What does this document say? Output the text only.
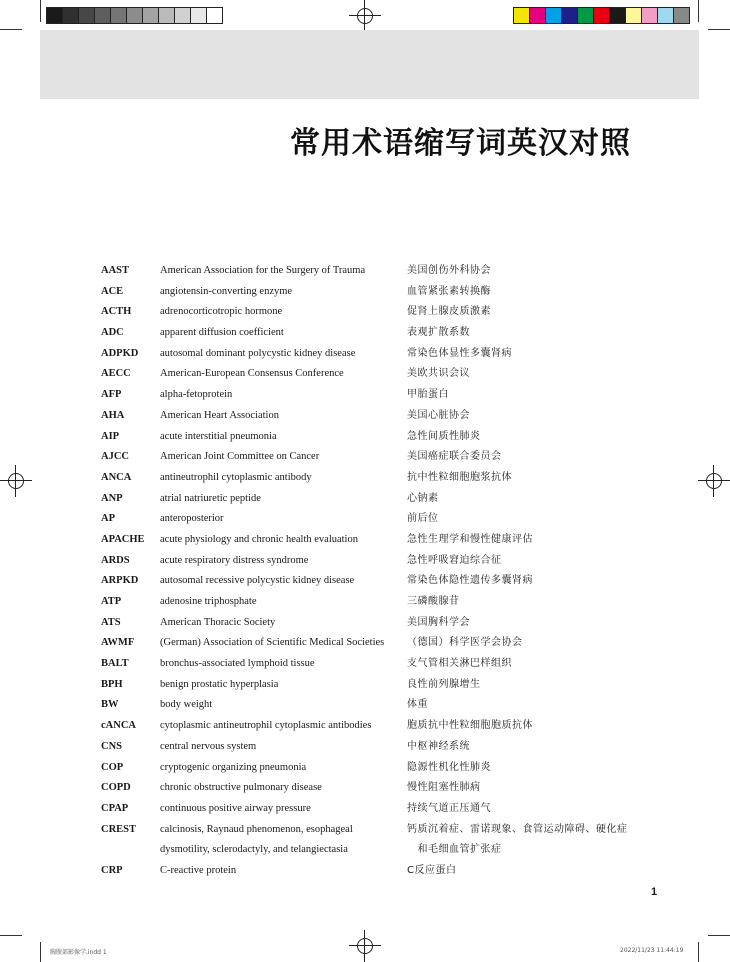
常用术语缩写词英汉对照
AAST	American Association for the Surgery of Trauma	美国创伤外科协会
ACE	angiotensin-converting enzyme	血管紧张素转换酶
ACTH	adrenocorticotropic hormone	促肾上腺皮质激素
ADC	apparent diffusion coefficient	表观扩散系数
ADPKD autosomal dominant polycystic kidney disease	常染色体显性多囊肾病
AECC	American-European Consensus Conference	美欧共识会议
AFP	alpha-fetoprotein	甲胎蛋白
AHA	American Heart Association	美国心脏协会
AIP	acute interstitial pneumonia	急性间质性肺炎
AJCC	American Joint Committee on Cancer	美国癌症联合委员会
ANCA	antineutrophil cytoplasmic antibody	抗中性粒细胞胞浆抗体
ANP	atrial natriuretic peptide	心钠素
AP	anteroposterior	前后位
APACHE acute physiology and chronic health evaluation	急性生理学和慢性健康评估
ARDS	acute respiratory distress syndrome	急性呼吸窘迫综合征
ARPKD autosomal recessive polycystic kidney disease	常染色体隐性遗传多囊肾病
ATP	adenosine triphosphate	三磷酸腺苷
ATS	American Thoracic Society	美国胸科学会
AWMF (German) Association of Scientific Medical Societies （德国）科学医学会协会
BALT	bronchus-associated lymphoid tissue	支气管相关淋巴样组织
BPH	benign prostatic hyperplasia	良性前列腺增生
BW	body weight	体重
cANCA cytoplasmic antineutrophil cytoplasmic antibodies	胞质抗中性粒细胞胞质抗体
CNS	central nervous system	中枢神经系统
COP	cryptogenic organizing pneumonia	隐源性机化性肺炎
COPD	chronic obstructive pulmonary disease	慢性阻塞性肺病
CPAP	continuous positive airway pressure	持续气道正压通气
CREST calcinosis, Raynaud phenomenon, esophageal	钙质沉着症、雷诺现象、食管运动障碍、硬化症
dysmotility, sclerodactyly, and telangiectasia	　和毛细血管扩张症
CRP	C-reactive protein	C反应蛋白
1
胸腹部影像学.indd 1	2022/11/23 11:44:19
